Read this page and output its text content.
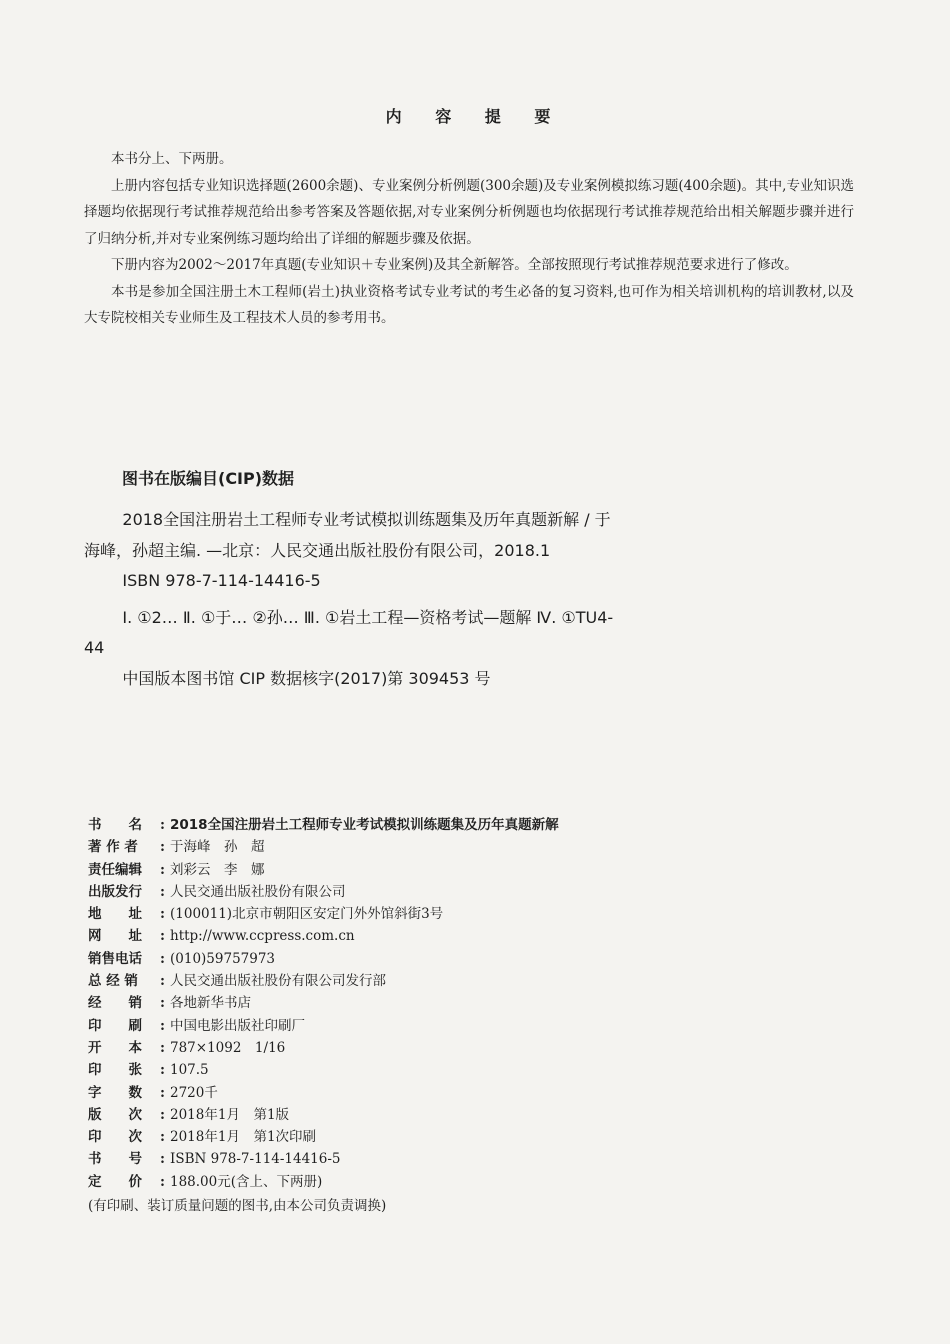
内 容 提 要

本书分上、下两册。

上册内容包括专业知识选择题(2600余题)、专业案例分析例题(300余题)及专业案例模拟练习题(400余题)。其中,专业知识选择题均依据现行考试推荐规范给出参考答案及答题依据,对专业案例分析例题也均依据现行考试推荐规范给出相关解题步骤并进行了归纳分析,并对专业案例练习题均给出了详细的解题步骤及依据。

下册内容为2002～2017年真题(专业知识＋专业案例)及其全新解答。全部按照现行考试推荐规范要求进行了修改。

本书是参加全国注册土木工程师(岩土)执业资格考试专业考试的考生必备的复习资料,也可作为相关培训机构的培训教材,以及大专院校相关专业师生及工程技术人员的参考用书。

图书在版编目(CIP)数据

2018全国注册岩土工程师专业考试模拟训练题集及历年真题新解 / 于海峰，孙超主编. —北京：人民交通出版社股份有限公司，2018.1

ISBN 978-7-114-14416-5

Ⅰ. ①2… Ⅱ. ①于… ②孙… Ⅲ. ①岩土工程—资格考试—题解 Ⅳ. ①TU4-44

中国版本图书馆 CIP 数据核字(2017)第 309453 号

书　　名	: 2018全国注册岩土工程师专业考试模拟训练题集及历年真题新解
著 作 者	: 于海峰　孙　超
责任编辑	: 刘彩云　李　娜
出版发行	: 人民交通出版社股份有限公司
地　　址	: (100011)北京市朝阳区安定门外外馆斜街3号
网　　址	: http://www.ccpress.com.cn
销售电话	: (010)59757973
总 经 销	: 人民交通出版社股份有限公司发行部
经　　销	: 各地新华书店
印　　刷	: 中国电影出版社印刷厂
开　　本	: 787×1092　1/16
印　　张	: 107.5
字　　数	: 2720千
版　　次	: 2018年1月　第1版
印　　次	: 2018年1月　第1次印刷
书　　号	: ISBN 978-7-114-14416-5
定　　价	: 188.00元(含上、下两册)
(有印刷、装订质量问题的图书,由本公司负责调换)
